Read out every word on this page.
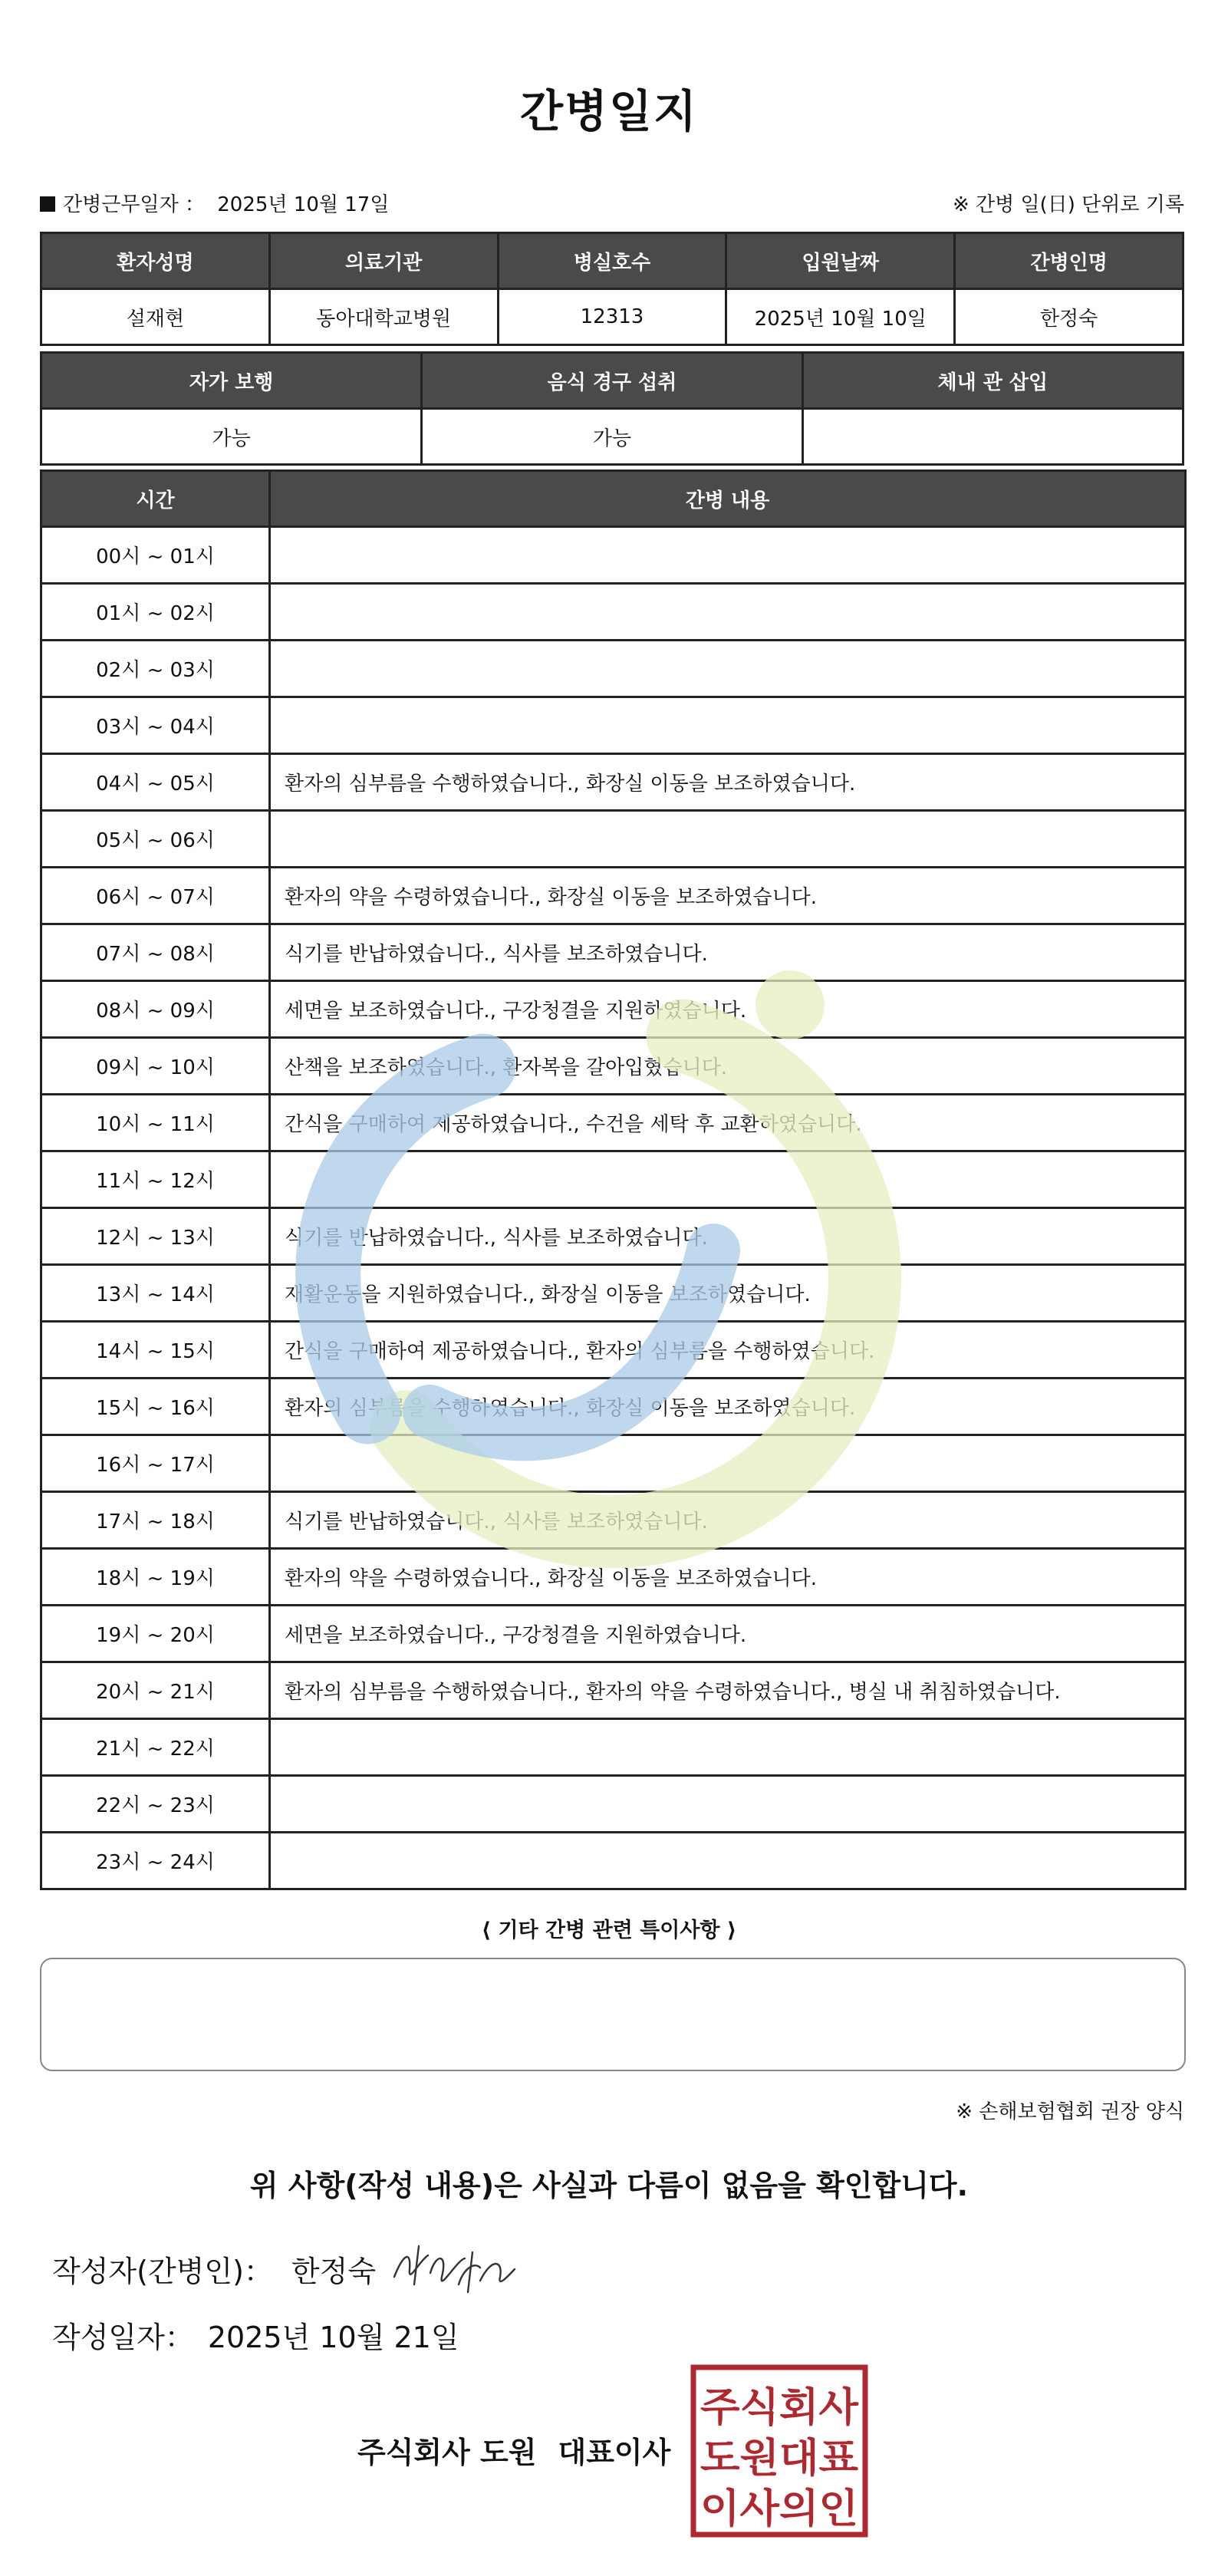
간병일지
간병근무일자 ： 2025년 10월 17일	※ 간병 일(日) 단위로 기록
환자성명	의료기관	병실호수	입원날짜	간병인명
설재현	동아대학교병원	12313	2025년 10월 10일	한정숙
자가 보행	음식 경구 섭취	체내 관 삽입
가능	가능	
시간	간병 내용
00시 ~ 01시	
01시 ~ 02시	
02시 ~ 03시	
03시 ~ 04시	
04시 ~ 05시	환자의 심부름을 수행하였습니다., 화장실 이동을 보조하였습니다.
05시 ~ 06시	
06시 ~ 07시	환자의 약을 수령하였습니다., 화장실 이동을 보조하였습니다.
07시 ~ 08시	식기를 반납하였습니다., 식사를 보조하였습니다.
08시 ~ 09시	세면을 보조하였습니다., 구강청결을 지원하였습니다.
09시 ~ 10시	산책을 보조하였습니다., 환자복을 갈아입혔습니다.
10시 ~ 11시	간식을 구매하여 제공하였습니다., 수건을 세탁 후 교환하였습니다.
11시 ~ 12시	
12시 ~ 13시	식기를 반납하였습니다., 식사를 보조하였습니다.
13시 ~ 14시	재활운동을 지원하였습니다., 화장실 이동을 보조하였습니다.
14시 ~ 15시	간식을 구매하여 제공하였습니다., 환자의 심부름을 수행하였습니다.
15시 ~ 16시	환자의 심부름을 수행하였습니다., 화장실 이동을 보조하였습니다.
16시 ~ 17시	
17시 ~ 18시	식기를 반납하였습니다., 식사를 보조하였습니다.
18시 ~ 19시	환자의 약을 수령하였습니다., 화장실 이동을 보조하였습니다.
19시 ~ 20시	세면을 보조하였습니다., 구강청결을 지원하였습니다.
20시 ~ 21시	환자의 심부름을 수행하였습니다., 환자의 약을 수령하였습니다., 병실 내 취침하였습니다.
21시 ~ 22시	
22시 ~ 23시	
23시 ~ 24시	
⟨ 기타 간병 관련 특이사항 ⟩
※ 손해보험협회 권장 양식
위 사항(작성 내용)은 사실과 다름이 없음을 확인합니다.
작성자(간병인)： 한정숙
작성일자： 2025년 10월 21일
주식회사 도원 대표이사
주식회사
도원대표
이사의인
